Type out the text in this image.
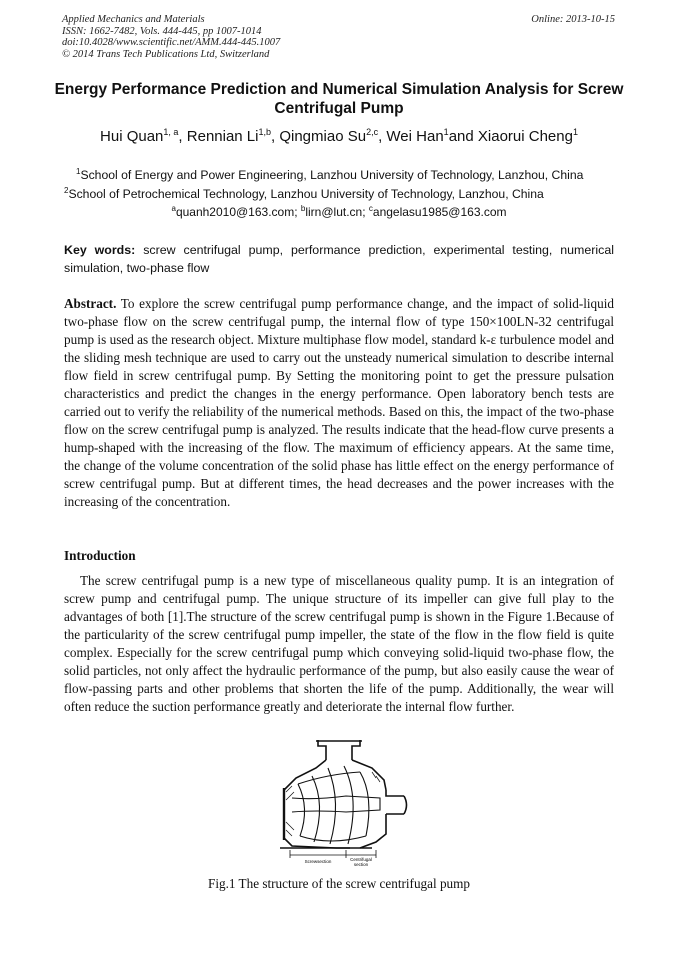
Applied Mechanics and Materials
ISSN: 1662-7482, Vols. 444-445, pp 1007-1014
doi:10.4028/www.scientific.net/AMM.444-445.1007
© 2014 Trans Tech Publications Ltd, Switzerland
Online: 2013-10-15
Energy Performance Prediction and Numerical Simulation Analysis for Screw Centrifugal Pump
Hui Quan$^{1, a}$, Rennian Li$^{1,b}$, Qingmiao Su$^{2,c}$, Wei Han$^1$and Xiaorui Cheng$^1$
$^1$School of Energy and Power Engineering, Lanzhou University of Technology, Lanzhou, China
$^2$School of Petrochemical Technology, Lanzhou University of Technology, Lanzhou, China
$^a$quanh2010@163.com; $^b$lirn@lut.cn; $^c$angelasu1985@163.com
Key words: screw centrifugal pump, performance prediction, experimental testing, numerical simulation, two-phase flow
Abstract. To explore the screw centrifugal pump performance change, and the impact of solid-liquid two-phase flow on the screw centrifugal pump, the internal flow of type 150×100LN-32 centrifugal pump is used as the research object. Mixture multiphase flow model, standard k-ε turbulence model and the sliding mesh technique are used to carry out the unsteady numerical simulation to describe internal flow field in screw centrifugal pump. By Setting the monitoring point to get the pressure pulsation characteristics and predict the changes in the energy performance. Open laboratory bench tests are carried out to verify the reliability of the numerical methods. Based on this, the impact of the two-phase flow on the screw centrifugal pump is analyzed. The results indicate that the head-flow curve presents a hump-shaped with the increasing of the flow. The maximum of efficiency appears. At the same time, the change of the volume concentration of the solid phase has little effect on the energy performance of screw centrifugal pump. But at different times, the head decreases and the power increases with the increasing of the concentration.
Introduction
The screw centrifugal pump is a new type of miscellaneous quality pump. It is an integration of screw pump and centrifugal pump. The unique structure of its impeller can give full play to the advantages of both [1].The structure of the screw centrifugal pump is shown in the Figure 1.Because of the particularity of the screw centrifugal pump impeller, the state of the flow in the flow field is quite complex. Especially for the screw centrifugal pump which conveying solid-liquid two-phase flow, the solid particles, not only affect the hydraulic performance of the pump, but also easily cause the wear of flow-passing parts and other problems that shorten the life of the pump. Additionally, the wear will often reduce the suction performance greatly and deteriorate the internal flow further.
Screwsection	Centrifugal
section
Fig.1 The structure of the screw centrifugal pump
